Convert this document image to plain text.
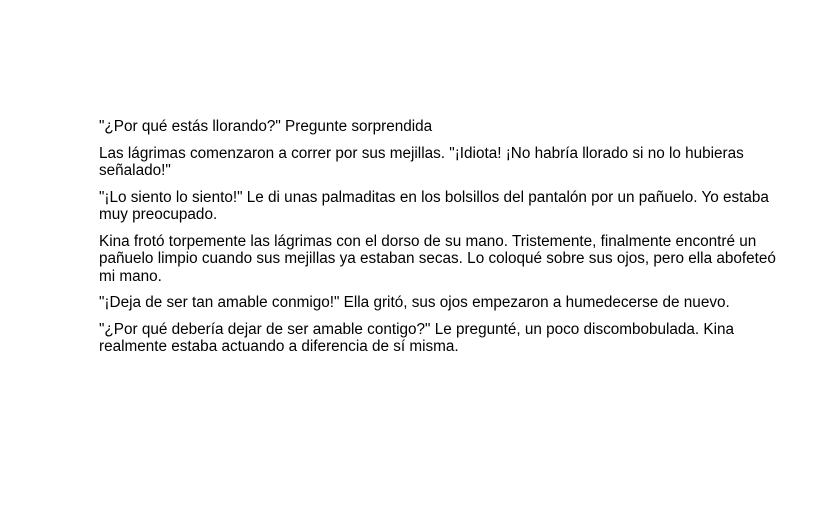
"¿Por qué estás llorando?" Pregunte sorprendida

Las lágrimas comenzaron a correr por sus mejillas. "¡Idiota! ¡No habría llorado si no lo hubieras señalado!"

"¡Lo siento lo siento!" Le di unas palmaditas en los bolsillos del pantalón por un pañuelo. Yo estaba muy preocupado.

Kina frotó torpemente las lágrimas con el dorso de su mano. Tristemente, finalmente encontré un pañuelo limpio cuando sus mejillas ya estaban secas. Lo coloqué sobre sus ojos, pero ella abofeteó mi mano.

"¡Deja de ser tan amable conmigo!" Ella gritó, sus ojos empezaron a humedecerse de nuevo.

"¿Por qué debería dejar de ser amable contigo?" Le pregunté, un poco discombobulada. Kina realmente estaba actuando a diferencia de sí misma.
